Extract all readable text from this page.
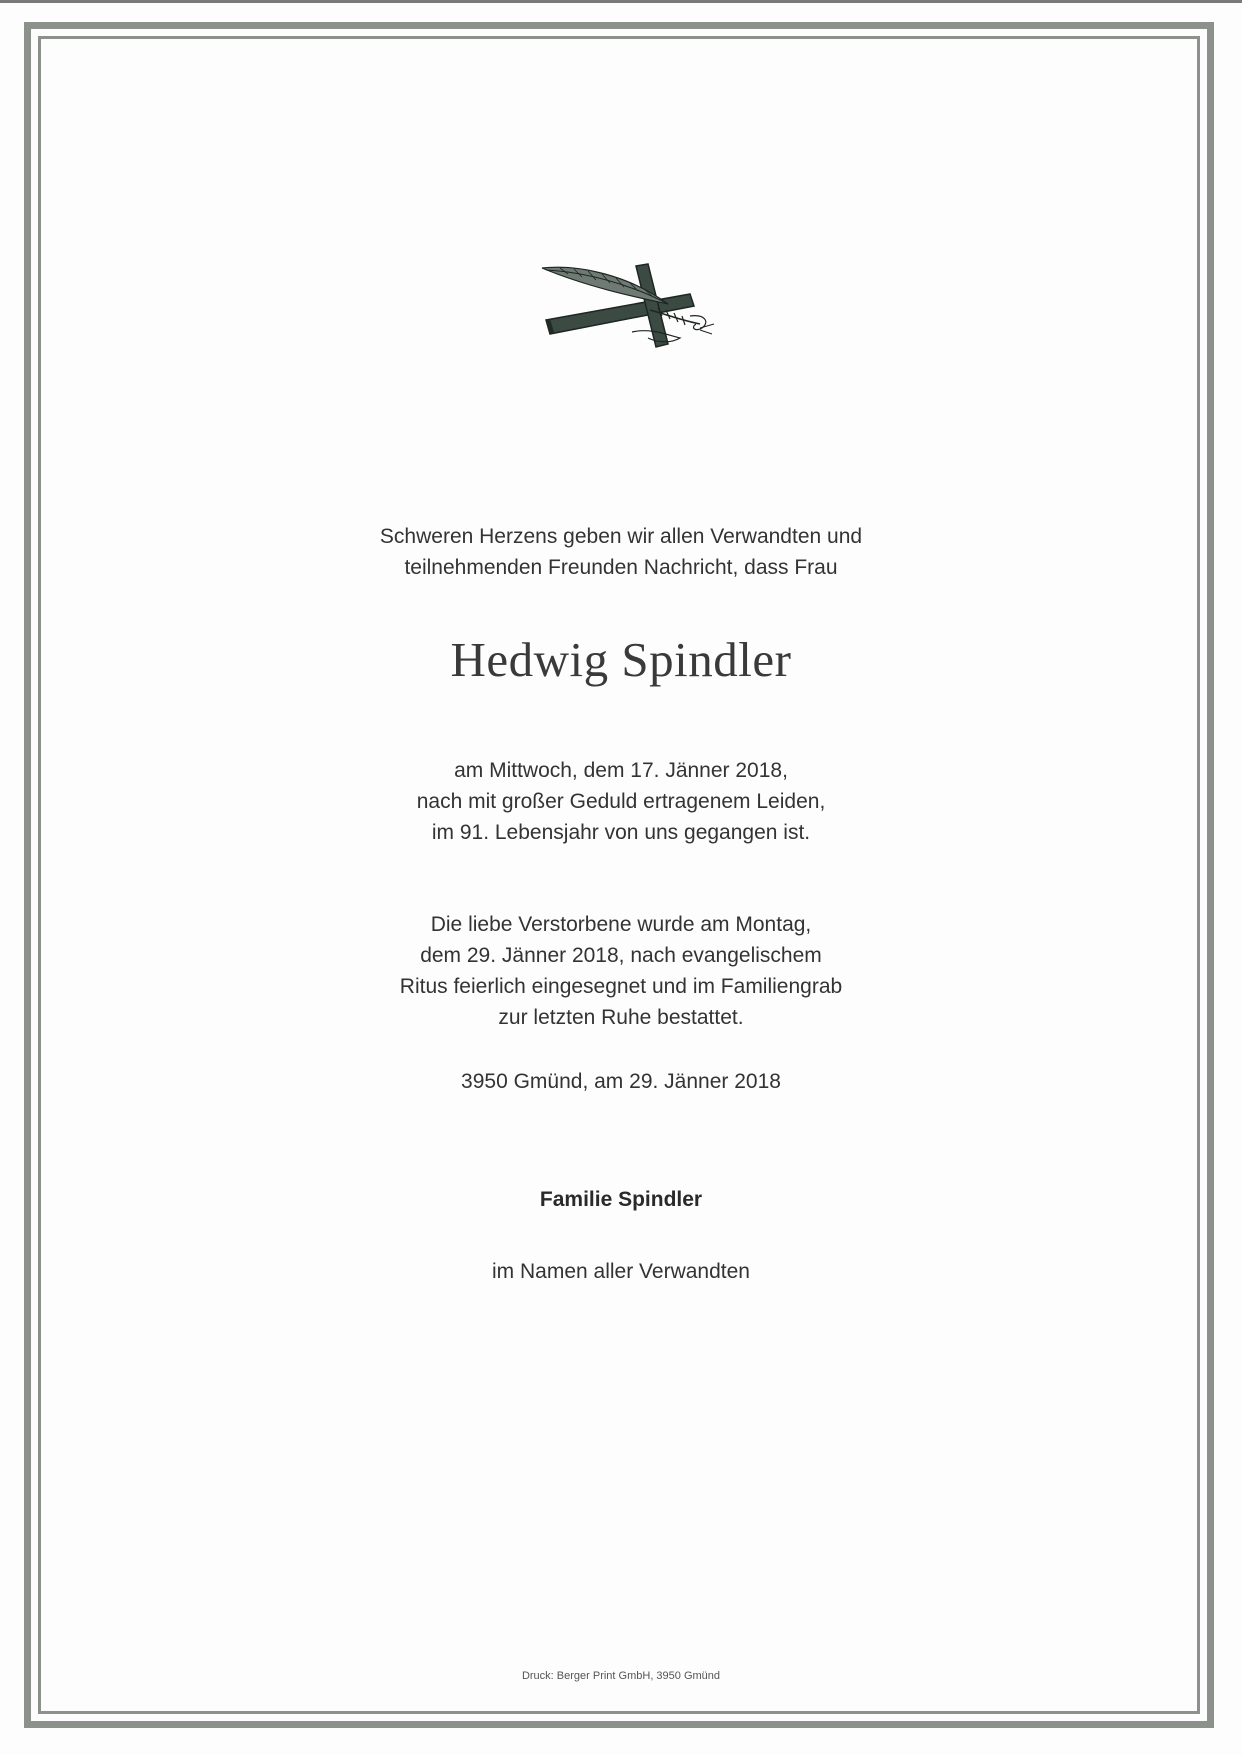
Schweren Herzens geben wir allen Verwandten und
teilnehmenden Freunden Nachricht, dass Frau
Hedwig Spindler
am Mittwoch, dem 17. Jänner 2018,
nach mit großer Geduld ertragenem Leiden,
im 91. Lebensjahr von uns gegangen ist.
Die liebe Verstorbene wurde am Montag,
dem 29. Jänner 2018, nach evangelischem
Ritus feierlich eingesegnet und im Familiengrab
zur letzten Ruhe bestattet.
3950 Gmünd, am 29. Jänner 2018
Familie Spindler
im Namen aller Verwandten
Druck: Berger Print GmbH, 3950 Gmünd
